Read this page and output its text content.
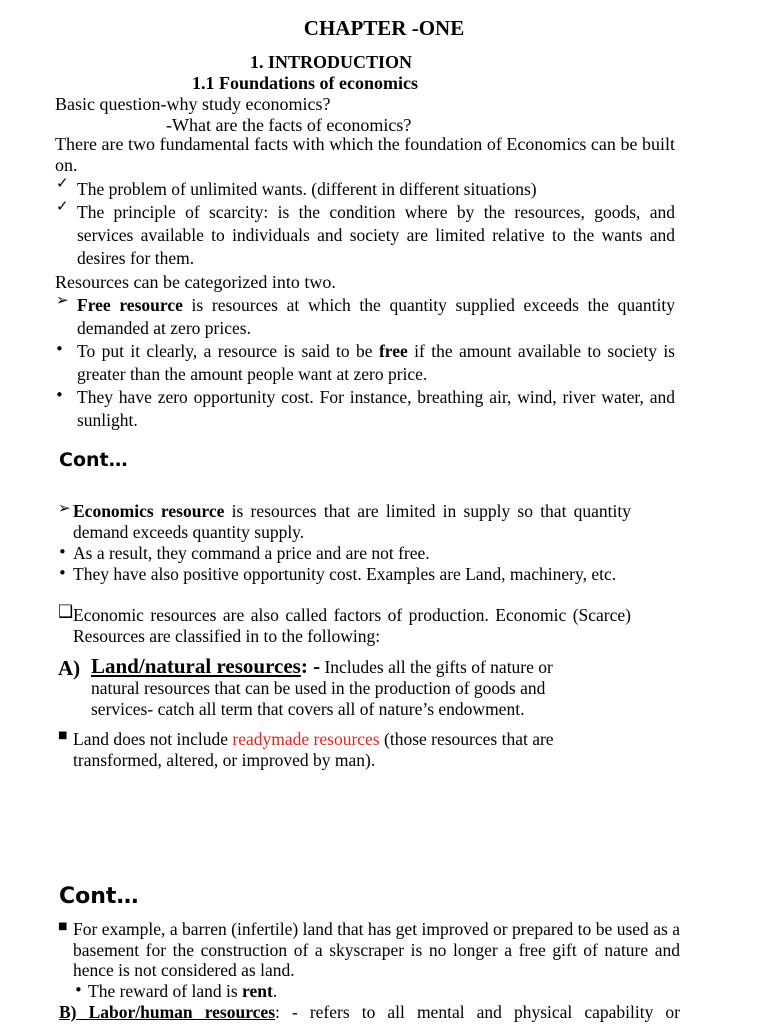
CHAPTER -ONE
1. INTRODUCTION
1.1 Foundations of economics
Basic question-why study economics?
-What are the facts of economics?
There are two fundamental facts with which the foundation of Economics can be built on.
✓ The problem of unlimited wants. (different in different situations)
✓ The principle of scarcity: is the condition where by the resources, goods, and services available to individuals and society are limited relative to the wants and desires for them.
Resources can be categorized into two.
➢ Free resource is resources at which the quantity supplied exceeds the quantity demanded at zero prices.
• To put it clearly, a resource is said to be free if the amount available to society is greater than the amount people want at zero price.
• They have zero opportunity cost. For instance, breathing air, wind, river water, and sunlight.
Cont…
➢ Economics resource is resources that are limited in supply so that quantity demand exceeds quantity supply.
• As a result, they command a price and are not free.
• They have also positive opportunity cost. Examples are Land, machinery, etc.
❑ Economic resources are also called factors of production. Economic (Scarce) Resources are classified in to the following:
A) Land/natural resources: - Includes all the gifts of nature or natural resources that can be used in the production of goods and services- catch all term that covers all of nature’s endowment.
■ Land does not include readymade resources (those resources that are transformed, altered, or improved by man).
Cont…
■ For example, a barren (infertile) land that has get improved or prepared to be used as a basement for the construction of a skyscraper is no longer a free gift of nature and hence is not considered as land.
• The reward of land is rent.
B) Labor/human resources: - refers to all mental and physical capability or
